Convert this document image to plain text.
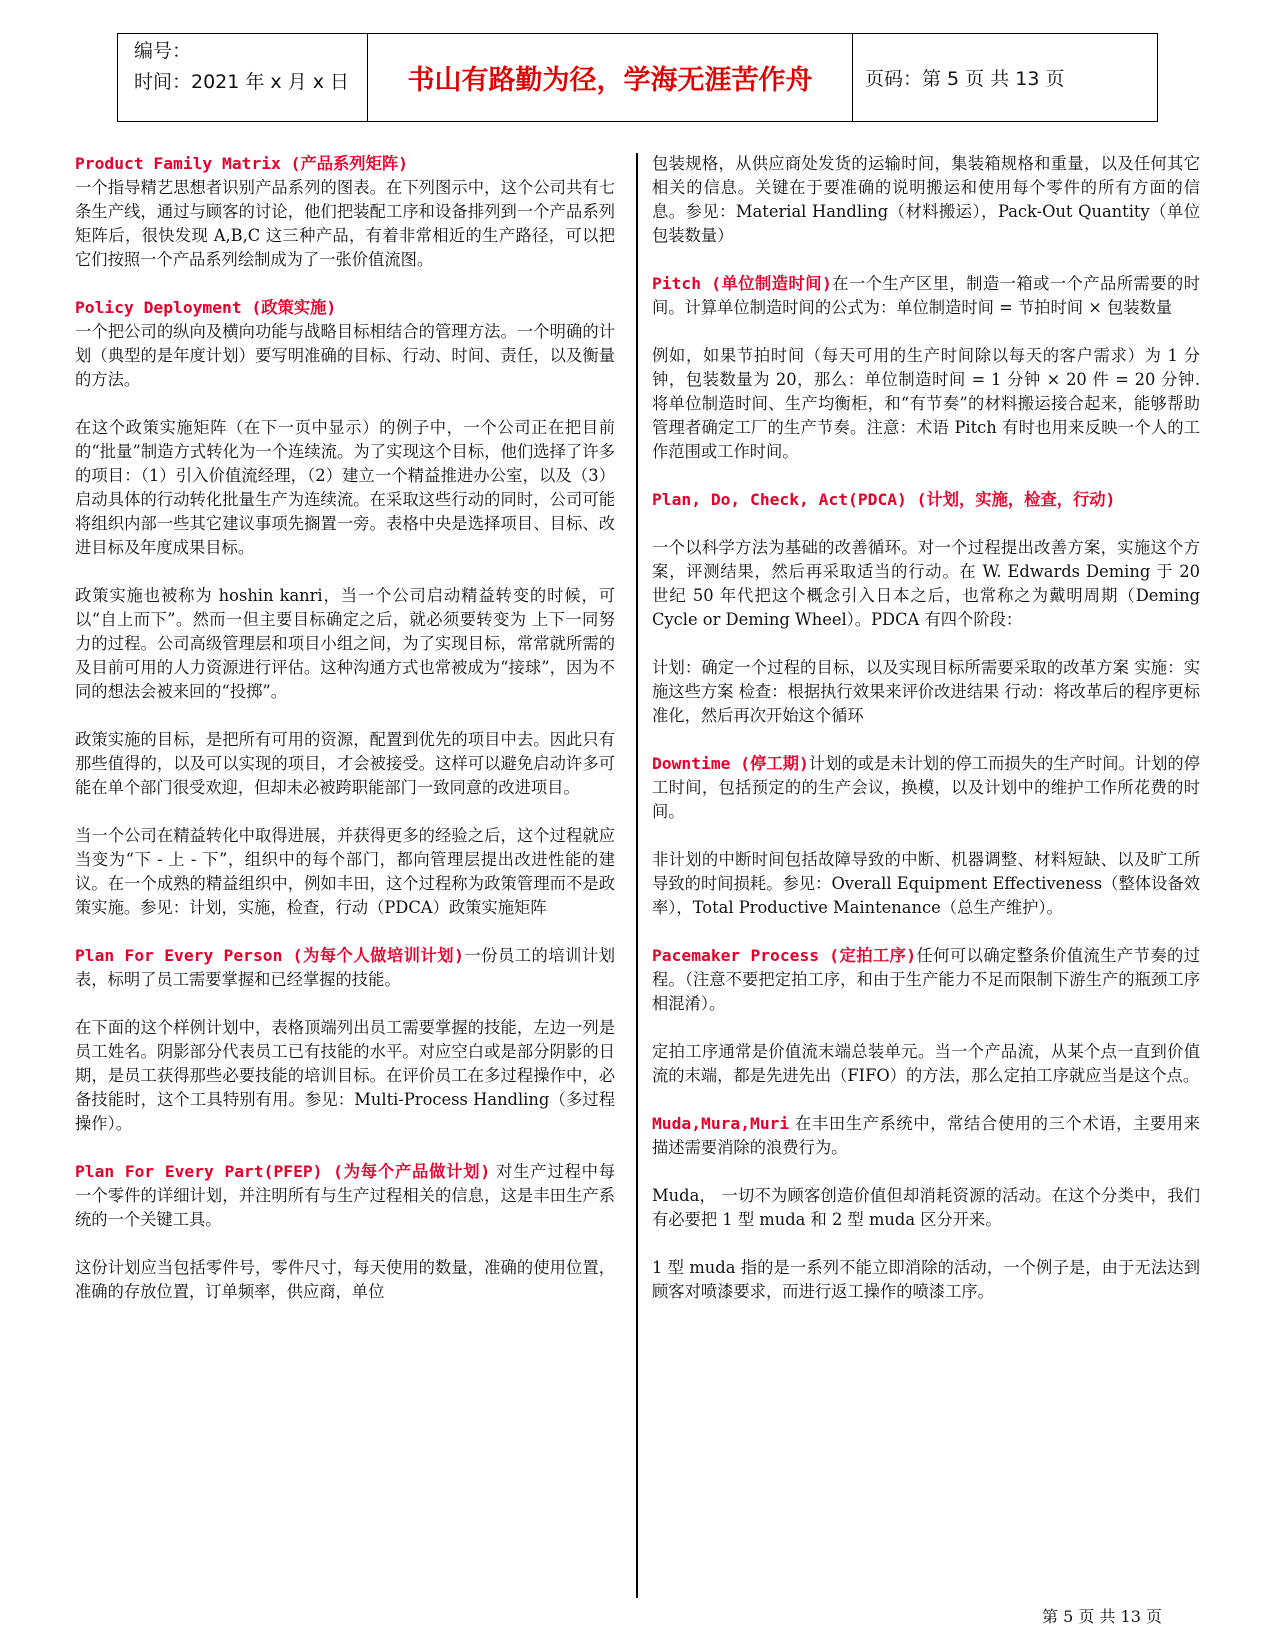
编号：
时间：2021 年 x 月 x 日	书山有路勤为径，学海无涯苦作舟	页码：第 5 页 共 13 页

Product Family Matrix (产品系列矩阵)
一个指导精艺思想者识别产品系列的图表。在下列图示中，这个公司共有七条生产线，通过与顾客的讨论，他们把装配工序和设备排列到一个产品系列矩阵后，很快发现 A,B,C 这三种产品，有着非常相近的生产路径，可以把它们按照一个产品系列绘制成为了一张价值流图。

Policy Deployment (政策实施)
一个把公司的纵向及横向功能与战略目标相结合的管理方法。一个明确的计划（典型的是年度计划）要写明准确的目标、行动、时间、责任，以及衡量的方法。

在这个政策实施矩阵（在下一页中显示）的例子中，一个公司正在把目前的“批量”制造方式转化为一个连续流。为了实现这个目标，他们选择了许多的项目：（1）引入价值流经理，（2）建立一个精益推进办公室，以及（3）启动具体的行动转化批量生产为连续流。在采取这些行动的同时，公司可能将组织内部一些其它建议事项先搁置一旁。表格中央是选择项目、目标、改进目标及年度成果目标。

政策实施也被称为 hoshin kanri，当一个公司启动精益转变的时候，可以“自上而下”。然而一但主要目标确定之后，就必须要转变为 上下一同努力的过程。公司高级管理层和项目小组之间，为了实现目标，常常就所需的及目前可用的人力资源进行评估。这种沟通方式也常被成为“接球”，因为不同的想法会被来回的“投掷”。

政策实施的目标，是把所有可用的资源，配置到优先的项目中去。因此只有那些值得的，以及可以实现的项目，才会被接受。这样可以避免启动许多可能在单个部门很受欢迎，但却未必被跨职能部门一致同意的改进项目。

当一个公司在精益转化中取得进展，并获得更多的经验之后，这个过程就应当变为“下 - 上 - 下”，组织中的每个部门，都向管理层提出改进性能的建议。在一个成熟的精益组织中，例如丰田，这个过程称为政策管理而不是政策实施。参见：计划，实施，检查，行动（PDCA）政策实施矩阵

Plan For Every Person (为每个人做培训计划)一份员工的培训计划表，标明了员工需要掌握和已经掌握的技能。

在下面的这个样例计划中，表格顶端列出员工需要掌握的技能，左边一列是员工姓名。阴影部分代表员工已有技能的水平。对应空白或是部分阴影的日期，是员工获得那些必要技能的培训目标。在评价员工在多过程操作中，必备技能时，这个工具特别有用。参见：Multi-Process Handling（多过程操作）。

Plan For Every Part(PFEP) (为每个产品做计划) 对生产过程中每一个零件的详细计划，并注明所有与生产过程相关的信息，这是丰田生产系统的一个关键工具。

这份计划应当包括零件号，零件尺寸，每天使用的数量，准确的使用位置，准确的存放位置，订单频率，供应商，单位

包装规格，从供应商处发货的运输时间，集装箱规格和重量，以及任何其它相关的信息。关键在于要准确的说明搬运和使用每个零件的所有方面的信息。参见：Material Handling（材料搬运），Pack-Out Quantity（单位包装数量）

Pitch (单位制造时间)在一个生产区里，制造一箱或一个产品所需要的时间。计算单位制造时间的公式为：单位制造时间 = 节拍时间 × 包装数量

例如，如果节拍时间（每天可用的生产时间除以每天的客户需求）为 1 分钟，包装数量为 20，那么：单位制造时间 = 1 分钟 × 20 件 = 20 分钟. 将单位制造时间、生产均衡柜，和“有节奏”的材料搬运接合起来，能够帮助管理者确定工厂的生产节奏。注意：术语 Pitch 有时也用来反映一个人的工作范围或工作时间。

Plan, Do, Check, Act(PDCA) (计划，实施，检查，行动)

一个以科学方法为基础的改善循环。对一个过程提出改善方案，实施这个方案，评测结果，然后再采取适当的行动。在 W. Edwards Deming 于 20 世纪 50 年代把这个概念引入日本之后，也常称之为戴明周期（Deming Cycle or Deming Wheel）。PDCA 有四个阶段：

计划：确定一个过程的目标，以及实现目标所需要采取的改革方案 实施：实施这些方案 检查：根据执行效果来评价改进结果 行动：将改革后的程序更标准化，然后再次开始这个循环

Downtime (停工期)计划的或是未计划的停工而损失的生产时间。计划的停工时间，包括预定的的生产会议，换模，以及计划中的维护工作所花费的时间。

非计划的中断时间包括故障导致的中断、机器调整、材料短缺、以及旷工所导致的时间损耗。参见：Overall Equipment Effectiveness（整体设备效率），Total Productive Maintenance（总生产维护）。

Pacemaker Process (定拍工序)任何可以确定整条价值流生产节奏的过程。（注意不要把定拍工序，和由于生产能力不足而限制下游生产的瓶颈工序相混淆）。

定拍工序通常是价值流末端总装单元。当一个产品流，从某个点一直到价值流的末端，都是先进先出（FIFO）的方法，那么定拍工序就应当是这个点。

Muda,Mura,Muri 在丰田生产系统中，常结合使用的三个术语，主要用来描述需要消除的浪费行为。

Muda， 一切不为顾客创造价值但却消耗资源的活动。在这个分类中，我们有必要把 1 型 muda 和 2 型 muda 区分开来。

1 型 muda 指的是一系列不能立即消除的活动，一个例子是，由于无法达到顾客对喷漆要求，而进行返工操作的喷漆工序。

第 5 页 共 13 页
